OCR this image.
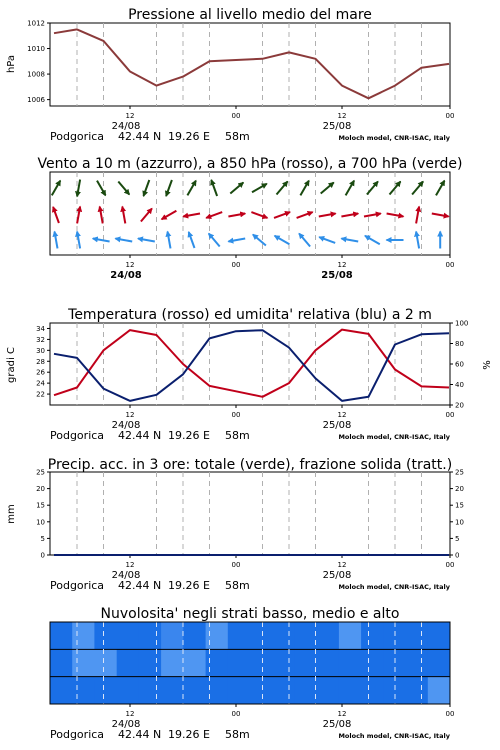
Pressione al livello medio del mare
12	00	12	00
24/08	25/08
Podgorica 42.44 N 19.26 E 58m	Moloch model, CNR-ISAC, Italy
1006
1008
1010
1012
hPa
Vento a 10 m (azzurro), a 850 hPa (rosso), a 700 hPa (verde)
12	00	12	00
24/08	25/08
Temperatura (rosso) ed umidita' relativa (blu) a 2 m
12	00	12	00
24/08	25/08
Podgorica 42.44 N 19.26 E 58m	Moloch model, CNR-ISAC, Italy
22
24
26
28
30
32
34
20
40
60
80
100
gradi C	%
Precip. acc. in 3 ore: totale (verde), frazione solida (tratt.)
12	00	12	00
24/08	25/08
Podgorica 42.44 N 19.26 E 58m	Moloch model, CNR-ISAC, Italy
0
5
10
15
20
25
0
5
10
15
20
25
mm
Nuvolosita' negli strati basso, medio e alto
12	00	12	00
24/08	25/08
Podgorica 42.44 N 19.26 E 58m	Moloch model, CNR-ISAC, Italy
